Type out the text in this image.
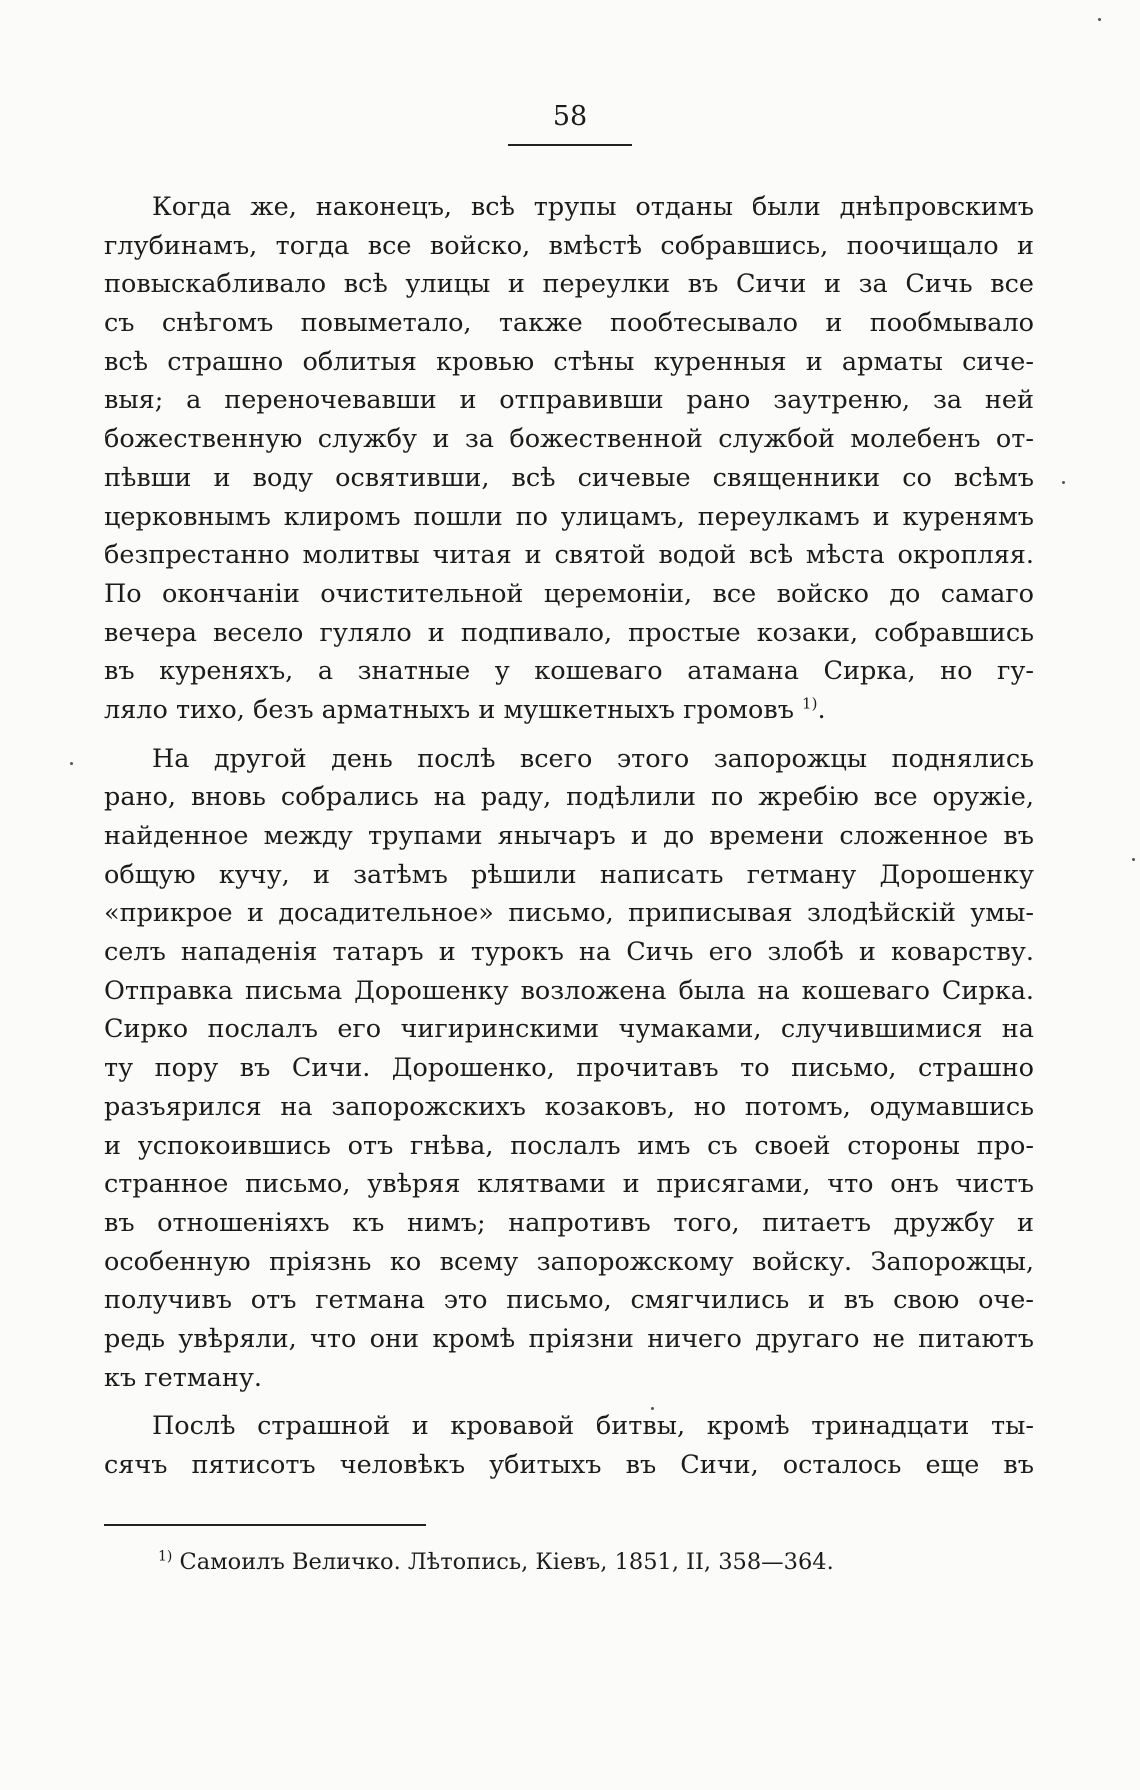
58
Когда же, наконецъ, всѣ трупы отданы были днѣпровскимъ
глубинамъ, тогда все войско, вмѣстѣ собравшись, поочищало и
повыскабливало всѣ улицы и переулки въ Сичи и за Сичь все
съ снѣгомъ повыметало, также пообтесывало и пообмывало
всѣ страшно облитыя кровью стѣны куренныя и арматы сиче-
выя; а переночевавши и отправивши рано заутреню, за ней
божественную службу и за божественной службой молебенъ от-
пѣвши и воду освятивши, всѣ сичевые священники со всѣмъ
церковнымъ клиромъ пошли по улицамъ, переулкамъ и куренямъ
безпрестанно молитвы читая и святой водой всѣ мѣста окропляя.
По окончаніи очистительной церемоніи, все войско до самаго
вечера весело гуляло и подпивало, простые козаки, собравшись
въ куреняхъ, а знатные у кошеваго атамана Сирка, но гу-
ляло тихо, безъ арматныхъ и мушкетныхъ громовъ $^{1)}$.
На другой день послѣ всего этого запорожцы поднялись
рано, вновь собрались на раду, подѣлили по жребію все оружіе,
найденное между трупами янычаръ и до времени сложенное въ
общую кучу, и затѣмъ рѣшили написать гетману Дорошенку
«прикрое и досадительное» письмо, приписывая злодѣйскій умы-
селъ нападенія татаръ и турокъ на Сичь его злобѣ и коварству.
Отправка письма Дорошенку возложена была на кошеваго Сирка.
Сирко послалъ его чигиринскими чумаками, случившимися на
ту пору въ Сичи. Дорошенко, прочитавъ то письмо, страшно
разъярился на запорожскихъ козаковъ, но потомъ, одумавшись
и успокоившись отъ гнѣва, послалъ имъ съ своей стороны про-
странное письмо, увѣряя клятвами и присягами, что онъ чистъ
въ отношеніяхъ къ нимъ; напротивъ того, питаетъ дружбу и
особенную пріязнь ко всему запорожскому войску. Запорожцы,
получивъ отъ гетмана это письмо, смягчились и въ свою оче-
редь увѣряли, что они кромѣ пріязни ничего другаго не питаютъ
къ гетману.
Послѣ страшной и кровавой битвы, кромѣ тринадцати ты-
сячъ пятисотъ человѣкъ убитыхъ въ Сичи, осталось еще въ
$^{1)}$ Самоилъ Величко. Лѣтопись, Кіевъ, 1851, II, 358—364.
